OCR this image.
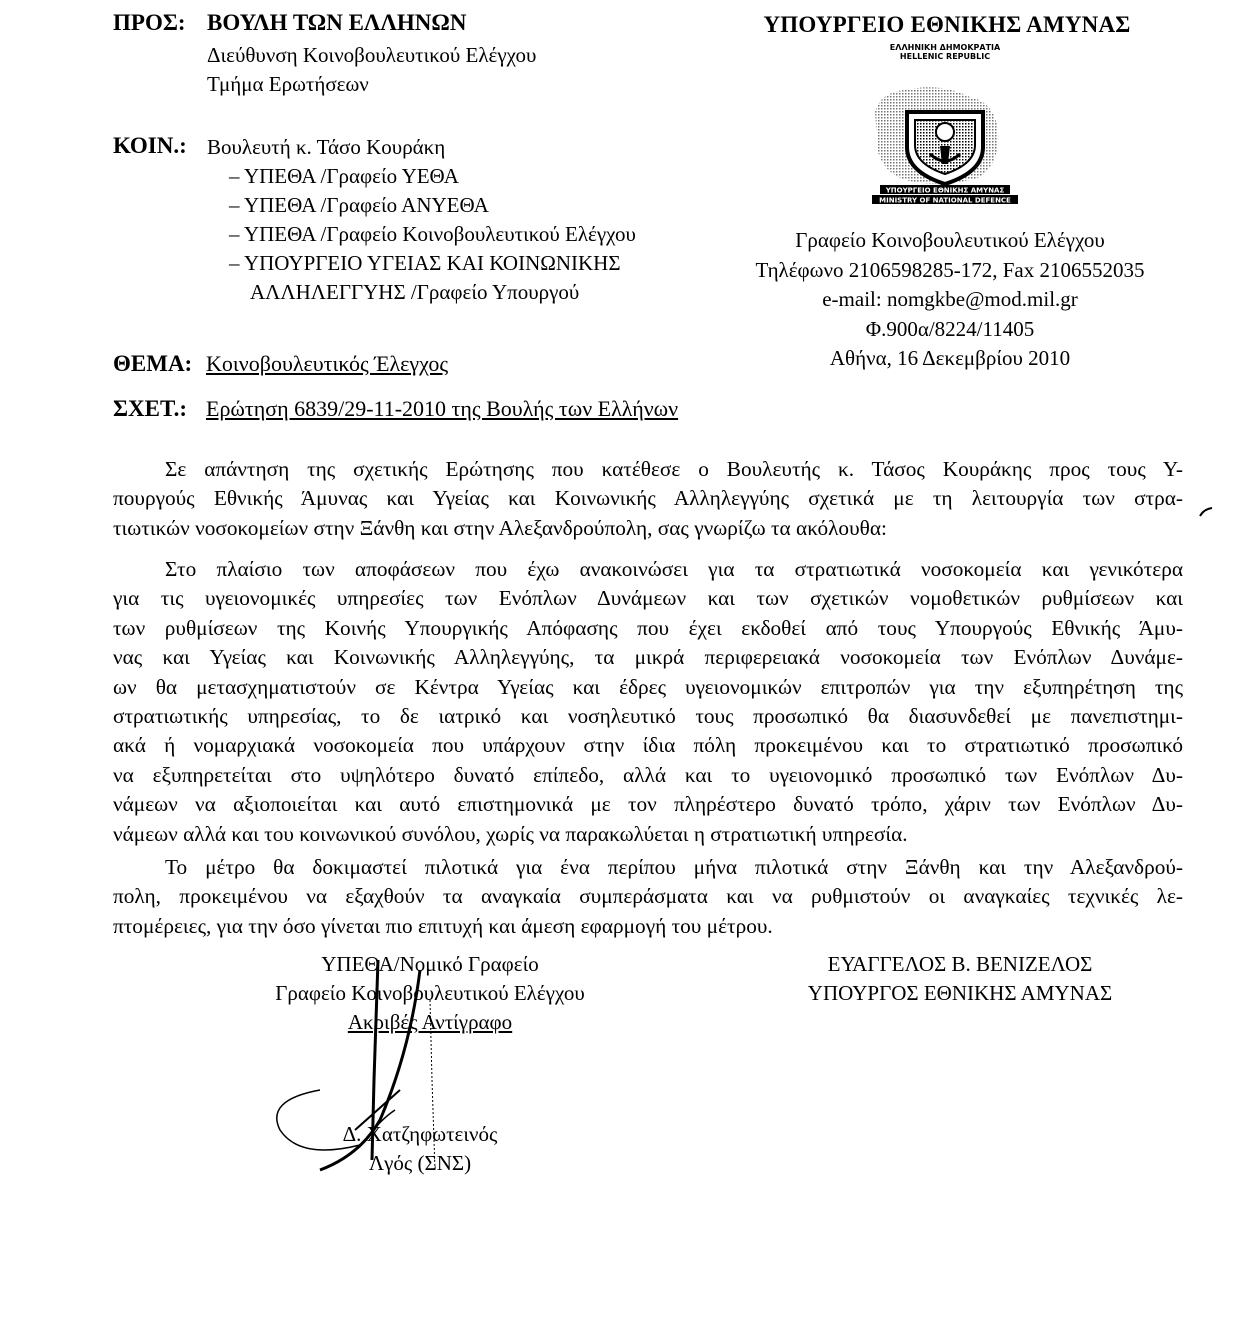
ΠΡΟΣ: ΒΟΥΛΗ ΤΩΝ ΕΛΛΗΝΩΝ
Διεύθυνση Κοινοβουλευτικού Ελέγχου
Τμήμα Ερωτήσεων
ΚΟΙΝ.: Βουλευτή κ. Τάσο Κουράκη
– ΥΠΕΘΑ /Γραφείο ΥΕΘΑ
– ΥΠΕΘΑ /Γραφείο ΑΝΥΕΘΑ
– ΥΠΕΘΑ /Γραφείο Κοινοβουλευτικού Ελέγχου
– ΥΠΟΥΡΓΕΙΟ ΥΓΕΙΑΣ ΚΑΙ ΚΟΙΝΩΝΙΚΗΣ
ΑΛΛΗΛΕΓΓΥΗΣ /Γραφείο Υπουργού
ΥΠΟΥΡΓΕΙΟ ΕΘΝΙΚΗΣ ΑΜΥΝΑΣ
ΕΛΛΗΝΙΚΗ ΔΗΜΟΚΡΑΤΙΑ
HELLENIC REPUBLIC
ΥΠΟΥΡΓΕΙΟ ΕΘΝΙΚΗΣ ΑΜΥΝΑΣ
MINISTRY OF NATIONAL DEFENCE
Γραφείο Κοινοβουλευτικού Ελέγχου
Τηλέφωνο 2106598285-172, Fax 2106552035
e-mail: nomgkbe@mod.mil.gr
Φ.900α/8224/11405
Αθήνα, 16 Δεκεμβρίου 2010
ΘΕΜΑ: Κοινοβουλευτικός Έλεγχος
ΣΧΕΤ.: Ερώτηση 6839/29-11-2010 της Βουλής των Ελλήνων
Σε απάντηση της σχετικής Ερώτησης που κατέθεσε ο Βουλευτής κ. Τάσος Κουράκης προς τους Υ-
πουργούς Εθνικής Άμυνας και Υγείας και Κοινωνικής Αλληλεγγύης σχετικά με τη λειτουργία των στρα-
τιωτικών νοσοκομείων στην Ξάνθη και στην Αλεξανδρούπολη, σας γνωρίζω τα ακόλουθα:
Στο πλαίσιο των αποφάσεων που έχω ανακοινώσει για τα στρατιωτικά νοσοκομεία και γενικότερα
για τις υγειονομικές υπηρεσίες των Ενόπλων Δυνάμεων και των σχετικών νομοθετικών ρυθμίσεων και
των ρυθμίσεων της Κοινής Υπουργικής Απόφασης που έχει εκδοθεί από τους Υπουργούς Εθνικής Άμυ-
νας και Υγείας και Κοινωνικής Αλληλεγγύης, τα μικρά περιφερειακά νοσοκομεία των Ενόπλων Δυνάμε-
ων θα μετασχηματιστούν σε Κέντρα Υγείας και έδρες υγειονομικών επιτροπών για την εξυπηρέτηση της
στρατιωτικής υπηρεσίας, το δε ιατρικό και νοσηλευτικό τους προσωπικό θα διασυνδεθεί με πανεπιστημι-
ακά ή νομαρχιακά νοσοκομεία που υπάρχουν στην ίδια πόλη προκειμένου και το στρατιωτικό προσωπικό
να εξυπηρετείται στο υψηλότερο δυνατό επίπεδο, αλλά και το υγειονομικό προσωπικό των Ενόπλων Δυ-
νάμεων να αξιοποιείται και αυτό επιστημονικά με τον πληρέστερο δυνατό τρόπο, χάριν των Ενόπλων Δυ-
νάμεων αλλά και του κοινωνικού συνόλου, χωρίς να παρακωλύεται η στρατιωτική υπηρεσία.
Το μέτρο θα δοκιμαστεί πιλοτικά για ένα περίπου μήνα πιλοτικά στην Ξάνθη και την Αλεξανδρού-
πολη, προκειμένου να εξαχθούν τα αναγκαία συμπεράσματα και να ρυθμιστούν οι αναγκαίες τεχνικές λε-
πτομέρειες, για την όσο γίνεται πιο επιτυχή και άμεση εφαρμογή του μέτρου.
ΥΠΕΘΑ/Νομικό Γραφείο
Γραφείο Κοινοβουλευτικού Ελέγχου
Ακριβές Αντίγραφο
Δ. Χατζηφωτεινός
Λγός (ΣΝΣ)
ΕΥΑΓΓΕΛΟΣ Β. ΒΕΝΙΖΕΛΟΣ
ΥΠΟΥΡΓΟΣ ΕΘΝΙΚΗΣ ΑΜΥΝΑΣ
